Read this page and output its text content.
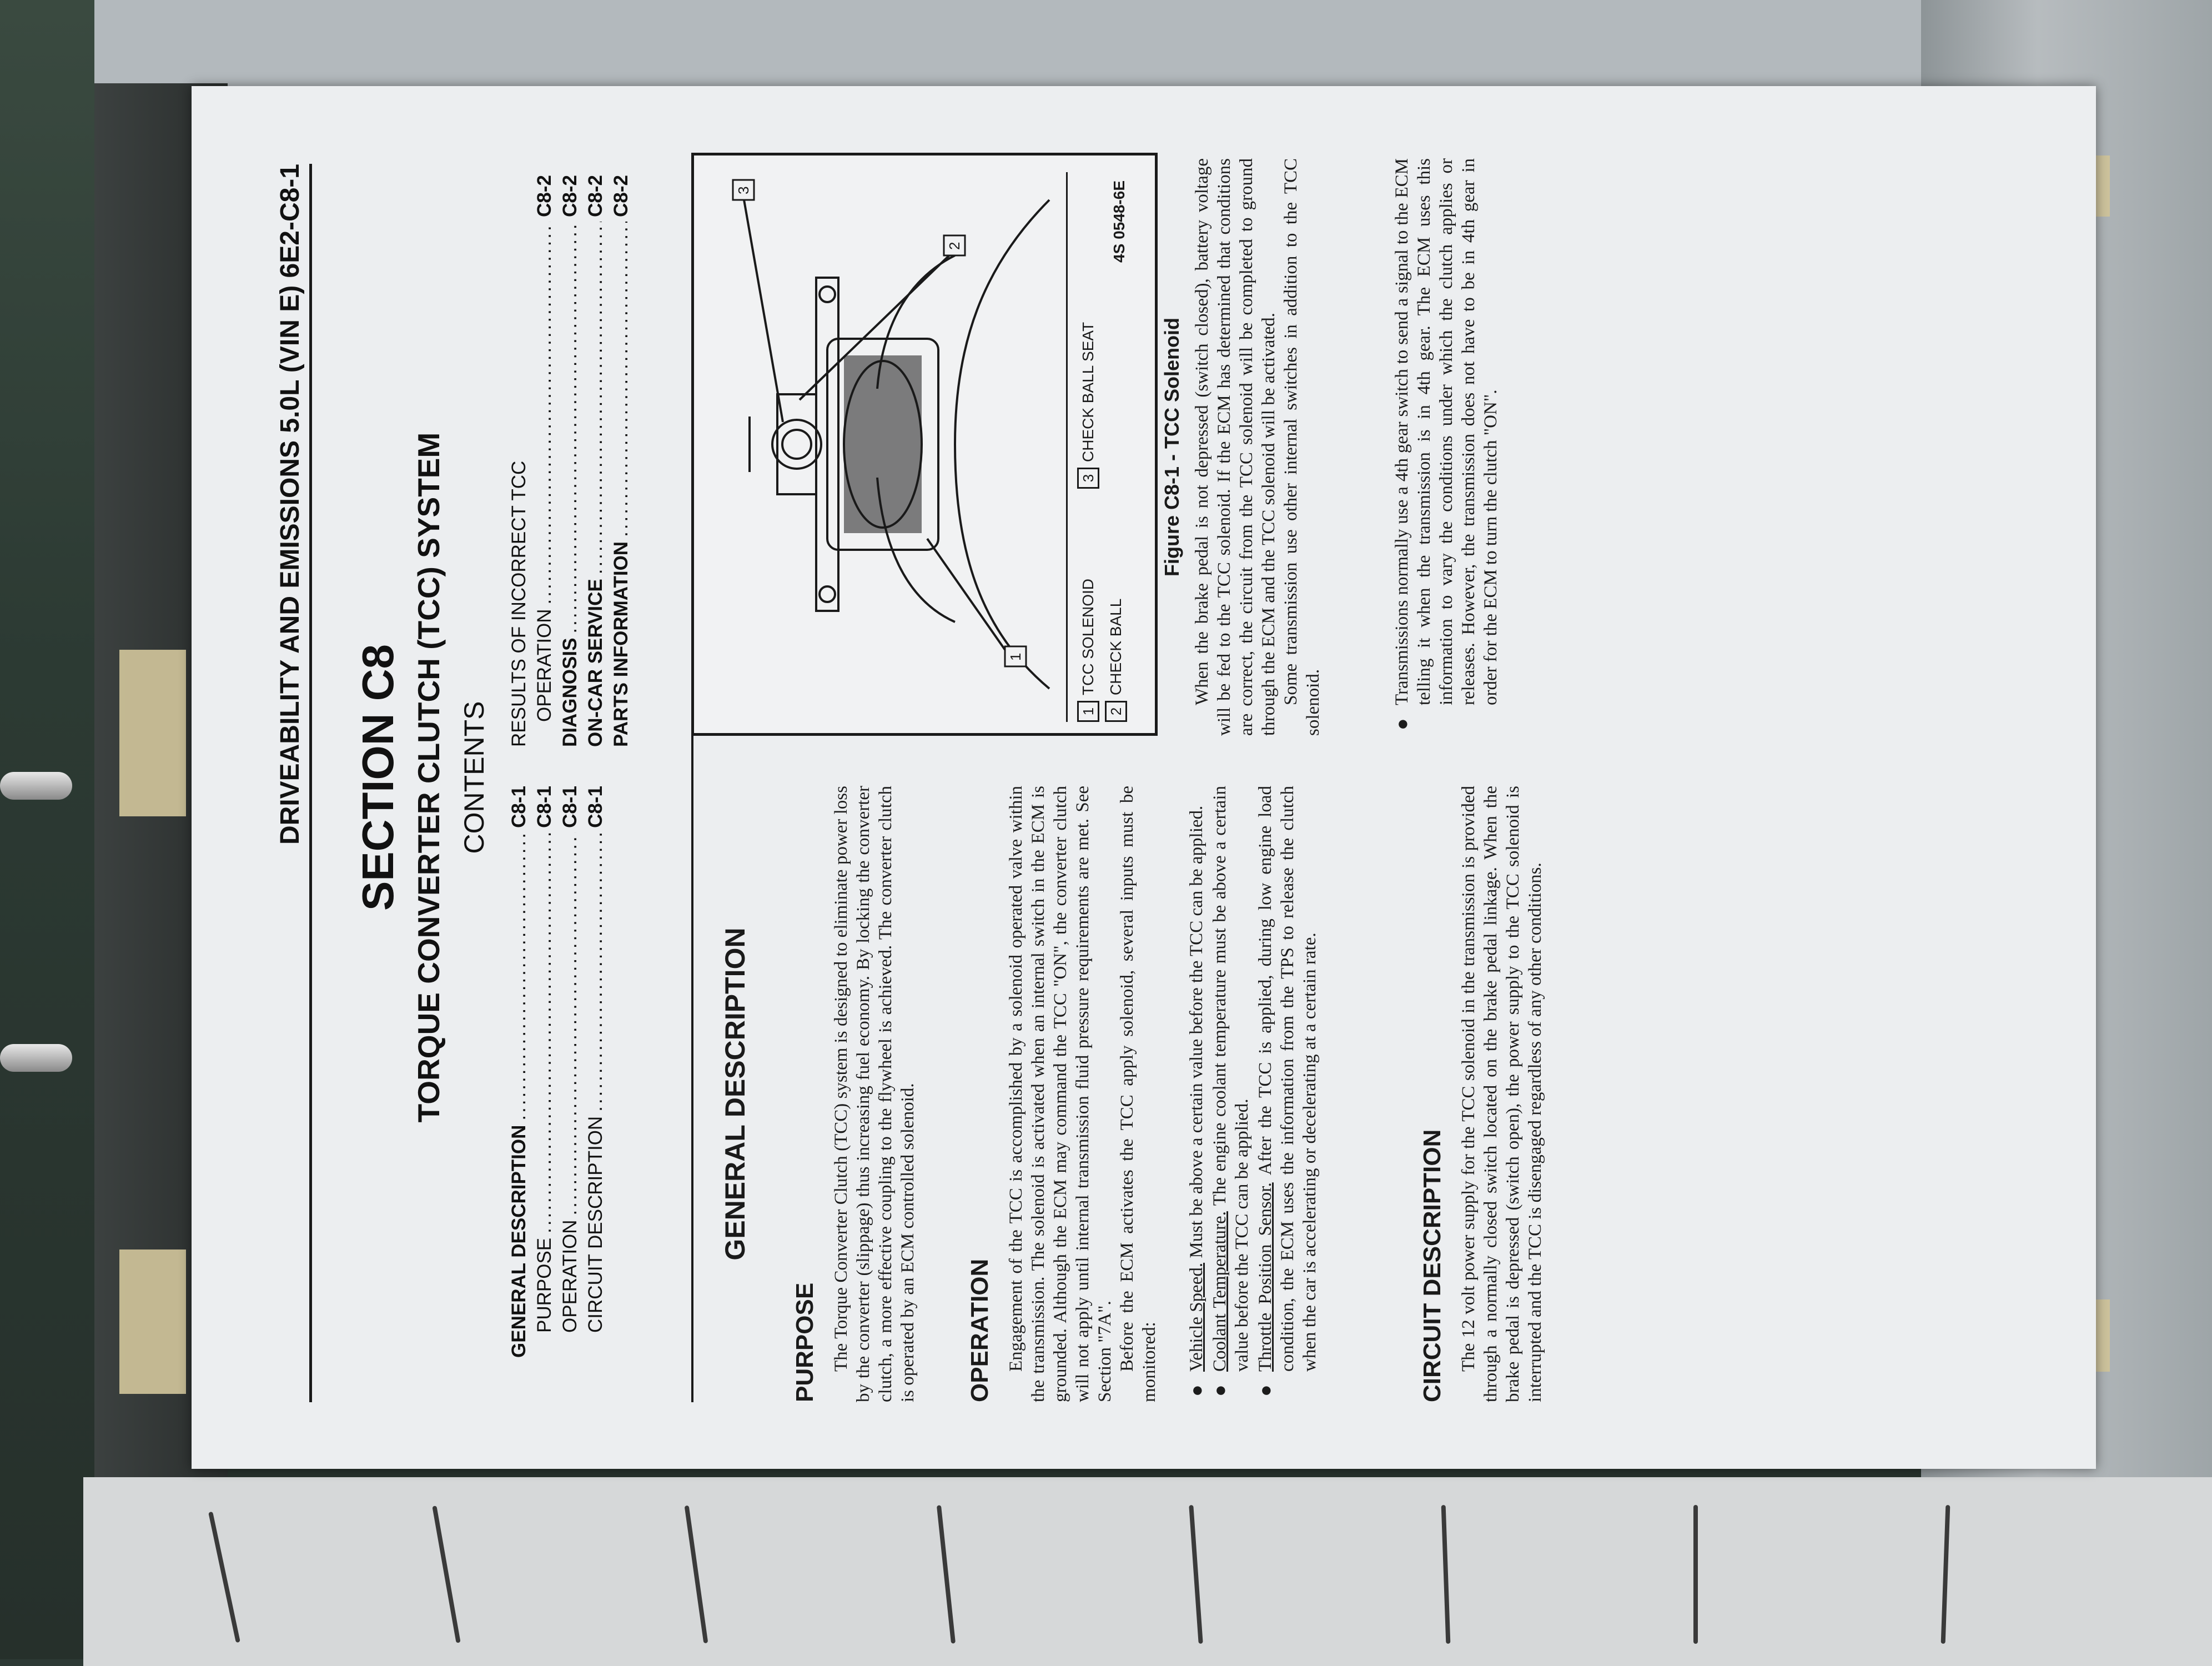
DRIVEABILITY AND EMISSIONS 5.0L (VIN E) 6E2-C8-1 SECTION C8 TORQUE CONVERTER CLUTCH (TCC) SYSTEM CONTENTS
GENERAL DESCRIPTION
.....
C8-1
PURPOSE
.....
C8-1
OPERATION
.....
C8-1
CIRCUIT DESCRIPTION
.....
C8-1
RESULTS OF INCORRECT TCC OPERATION
.....
C8-2
DIAGNOSIS
.....
C8-2
ON-CAR SERVICE
.....
C8-2
PARTS INFORMATION
.....
C8-2
GENERAL DESCRIPTION
PURPOSE The Torque Converter Clutch (TCC) system is designed to eliminate power loss by the converter (slippage) thus increasing fuel economy. By locking the converter clutch, a more effective coupling to the flywheel is achieved. The converter clutch is operated by an ECM controlled solenoid. OPERATION Engagement of the TCC is accomplished by a solenoid operated valve within the transmission. The solenoid is activated when an internal switch in the ECM is grounded. Although the ECM may command the TCC "ON", the converter clutch will not apply until internal transmission fluid pressure requirements are met. See Section "7A". Before the ECM activates the TCC apply solenoid, several inputs must be monitored: ●
Vehicle Speed. Must be above a certain value before the TCC can be applied.
●
Coolant Temperature. The engine coolant temperature must be above a certain value before the TCC can be applied.
●
Throttle Position Sensor. After the TCC is applied, during low engine load condition, the ECM uses the information from the TPS to release the clutch when the car is accelerating or decelerating at a certain rate.	CIRCUIT DESCRIPTION The 12 volt power supply for the TCC solenoid in the transmission is provided through a normally closed switch located on the brake pedal linkage. When the brake pedal is depressed (switch open), the power supply to the TCC solenoid is interrupted and the TCC is disengaged regardless of any other conditions.

1
2
3
1TCC SOLENOID
2CHECK BALL
3CHECK BALL SEAT
4S 0548-6E
Figure C8-1 - TCC Solenoid When the brake pedal is not depressed (switch closed), battery voltage will be fed to the TCC solenoid. If the ECM has determined that conditions are correct, the circuit from the TCC solenoid will be completed to ground through the ECM and the TCC solenoid will be activated. Some transmission use other internal switches in addition to the TCC solenoid.	●
Transmissions normally use a 4th gear switch to send a signal to the ECM telling it when the transmission is in 4th gear. The ECM uses this information to vary the conditions under which the clutch applies or releases. However, the transmission does not have to be in 4th gear in order for the ECM to turn the clutch "ON".
